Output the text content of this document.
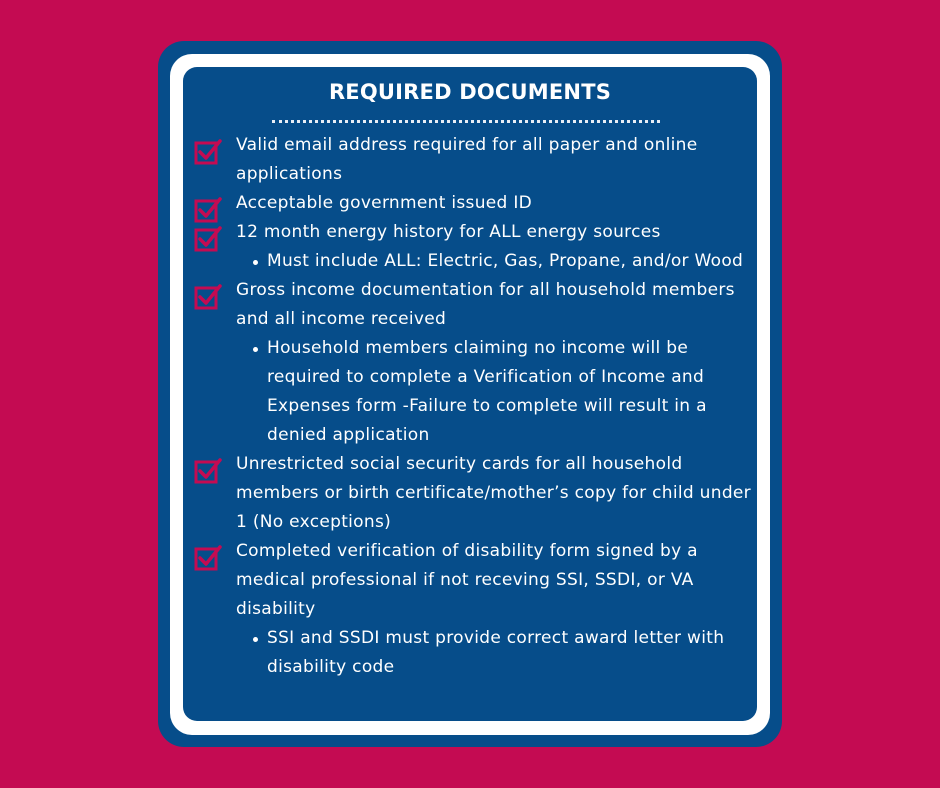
REQUIRED DOCUMENTS
Valid email address required for all paper and online applications
Acceptable government issued ID
12 month energy history for ALL energy sources
Must include ALL: Electric, Gas, Propane, and/or Wood
Gross income documentation for all household members and all income received
Household members claiming no income will be required to complete a Verification of Income and Expenses form -Failure to complete will result in a denied application
Unrestricted social security cards for all household members or birth certificate/mother’s copy for child under 1 (No exceptions)
Completed verification of disability form signed by a medical professional if not receving SSI, SSDI, or VA disability
SSI and SSDI must provide correct award letter with disability code
